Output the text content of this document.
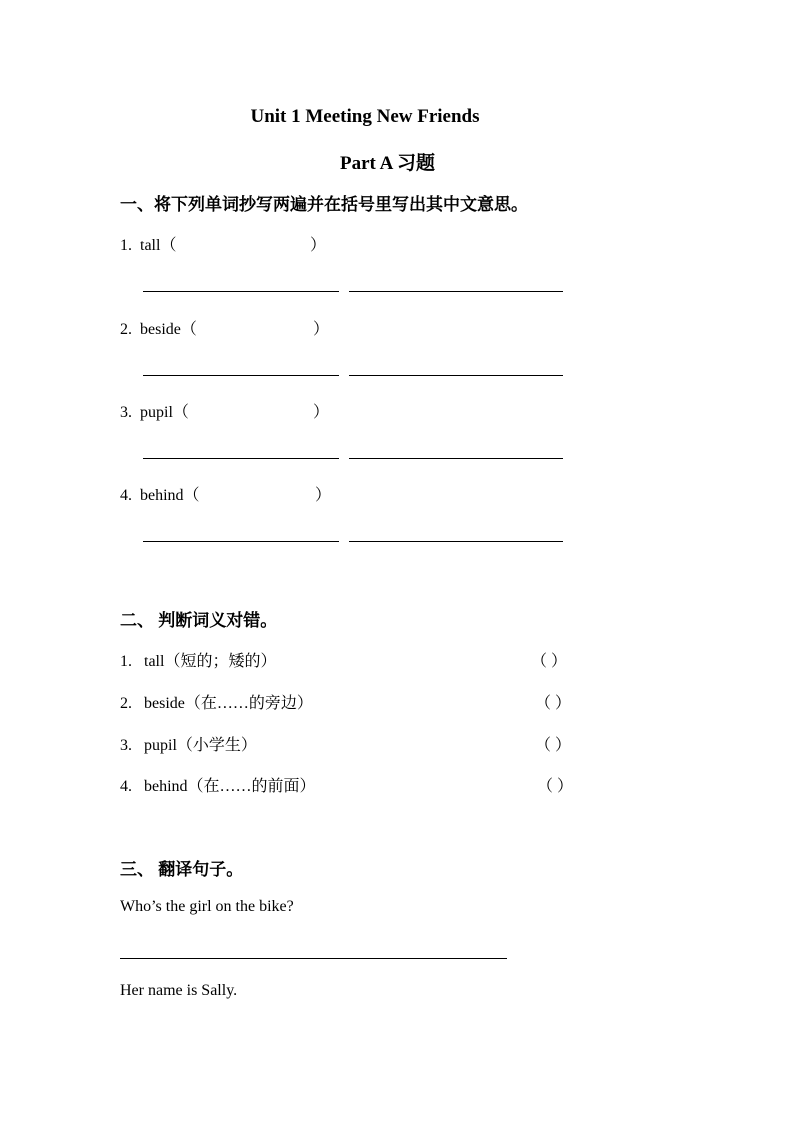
Unit 1 Meeting New Friends
Part A 习题
一、将下列单词抄写两遍并在括号里写出其中文意思。
1. tall（	）
2. beside（	）
3. pupil（	）
4. behind（	）
二、 判断词义对错。
1. tall（短的；矮的）	（ ）
2. beside（在……的旁边）	（ ）
3. pupil（小学生）	（ ）
4. behind（在……的前面）	（ ）
三、 翻译句子。
Who’s the girl on the bike?
Her name is Sally.
